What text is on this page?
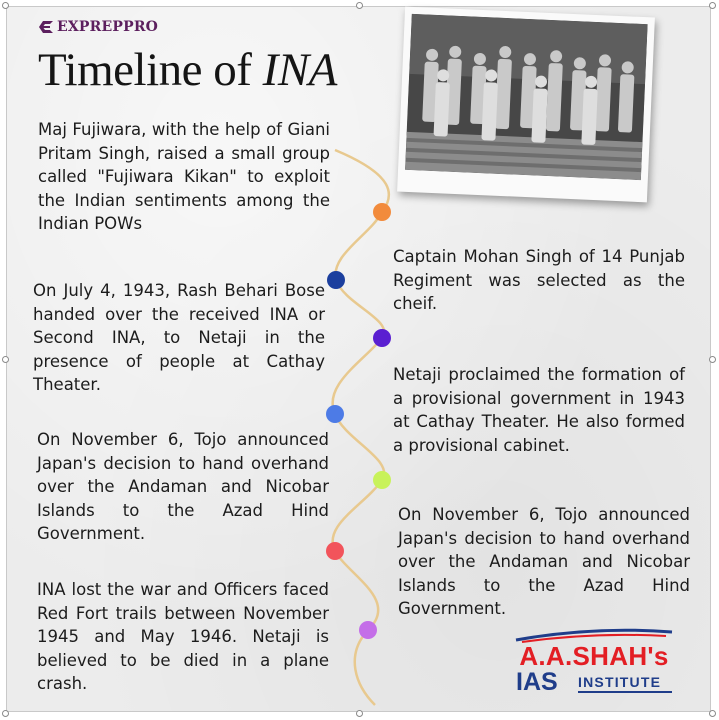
EXPREPPRO
Timeline of INA
Maj Fujiwara, with the help of Giani Pritam Singh, raised a small group called "Fujiwara Kikan" to exploit the Indian sentiments among the Indian POWs
Captain Mohan Singh of 14 Punjab Regiment was selected as the cheif.
On July 4, 1943, Rash Behari Bose handed over the received INA or Second INA, to Netaji in the presence of people at Cathay Theater.
Netaji proclaimed the formation of a provisional government in 1943 at Cathay Theater. He also formed a provisional cabinet.
On November 6, Tojo announced Japan's decision to hand overhand over the Andaman and Nicobar Islands to the Azad Hind Government.
On November 6, Tojo announced Japan's decision to hand overhand over the Andaman and Nicobar Islands to the Azad Hind Government.
INA lost the war and Officers faced Red Fort trails between November 1945 and May 1946. Netaji is believed to be died in a plane crash.
A.A.SHAH's
IAS INSTITUTE
